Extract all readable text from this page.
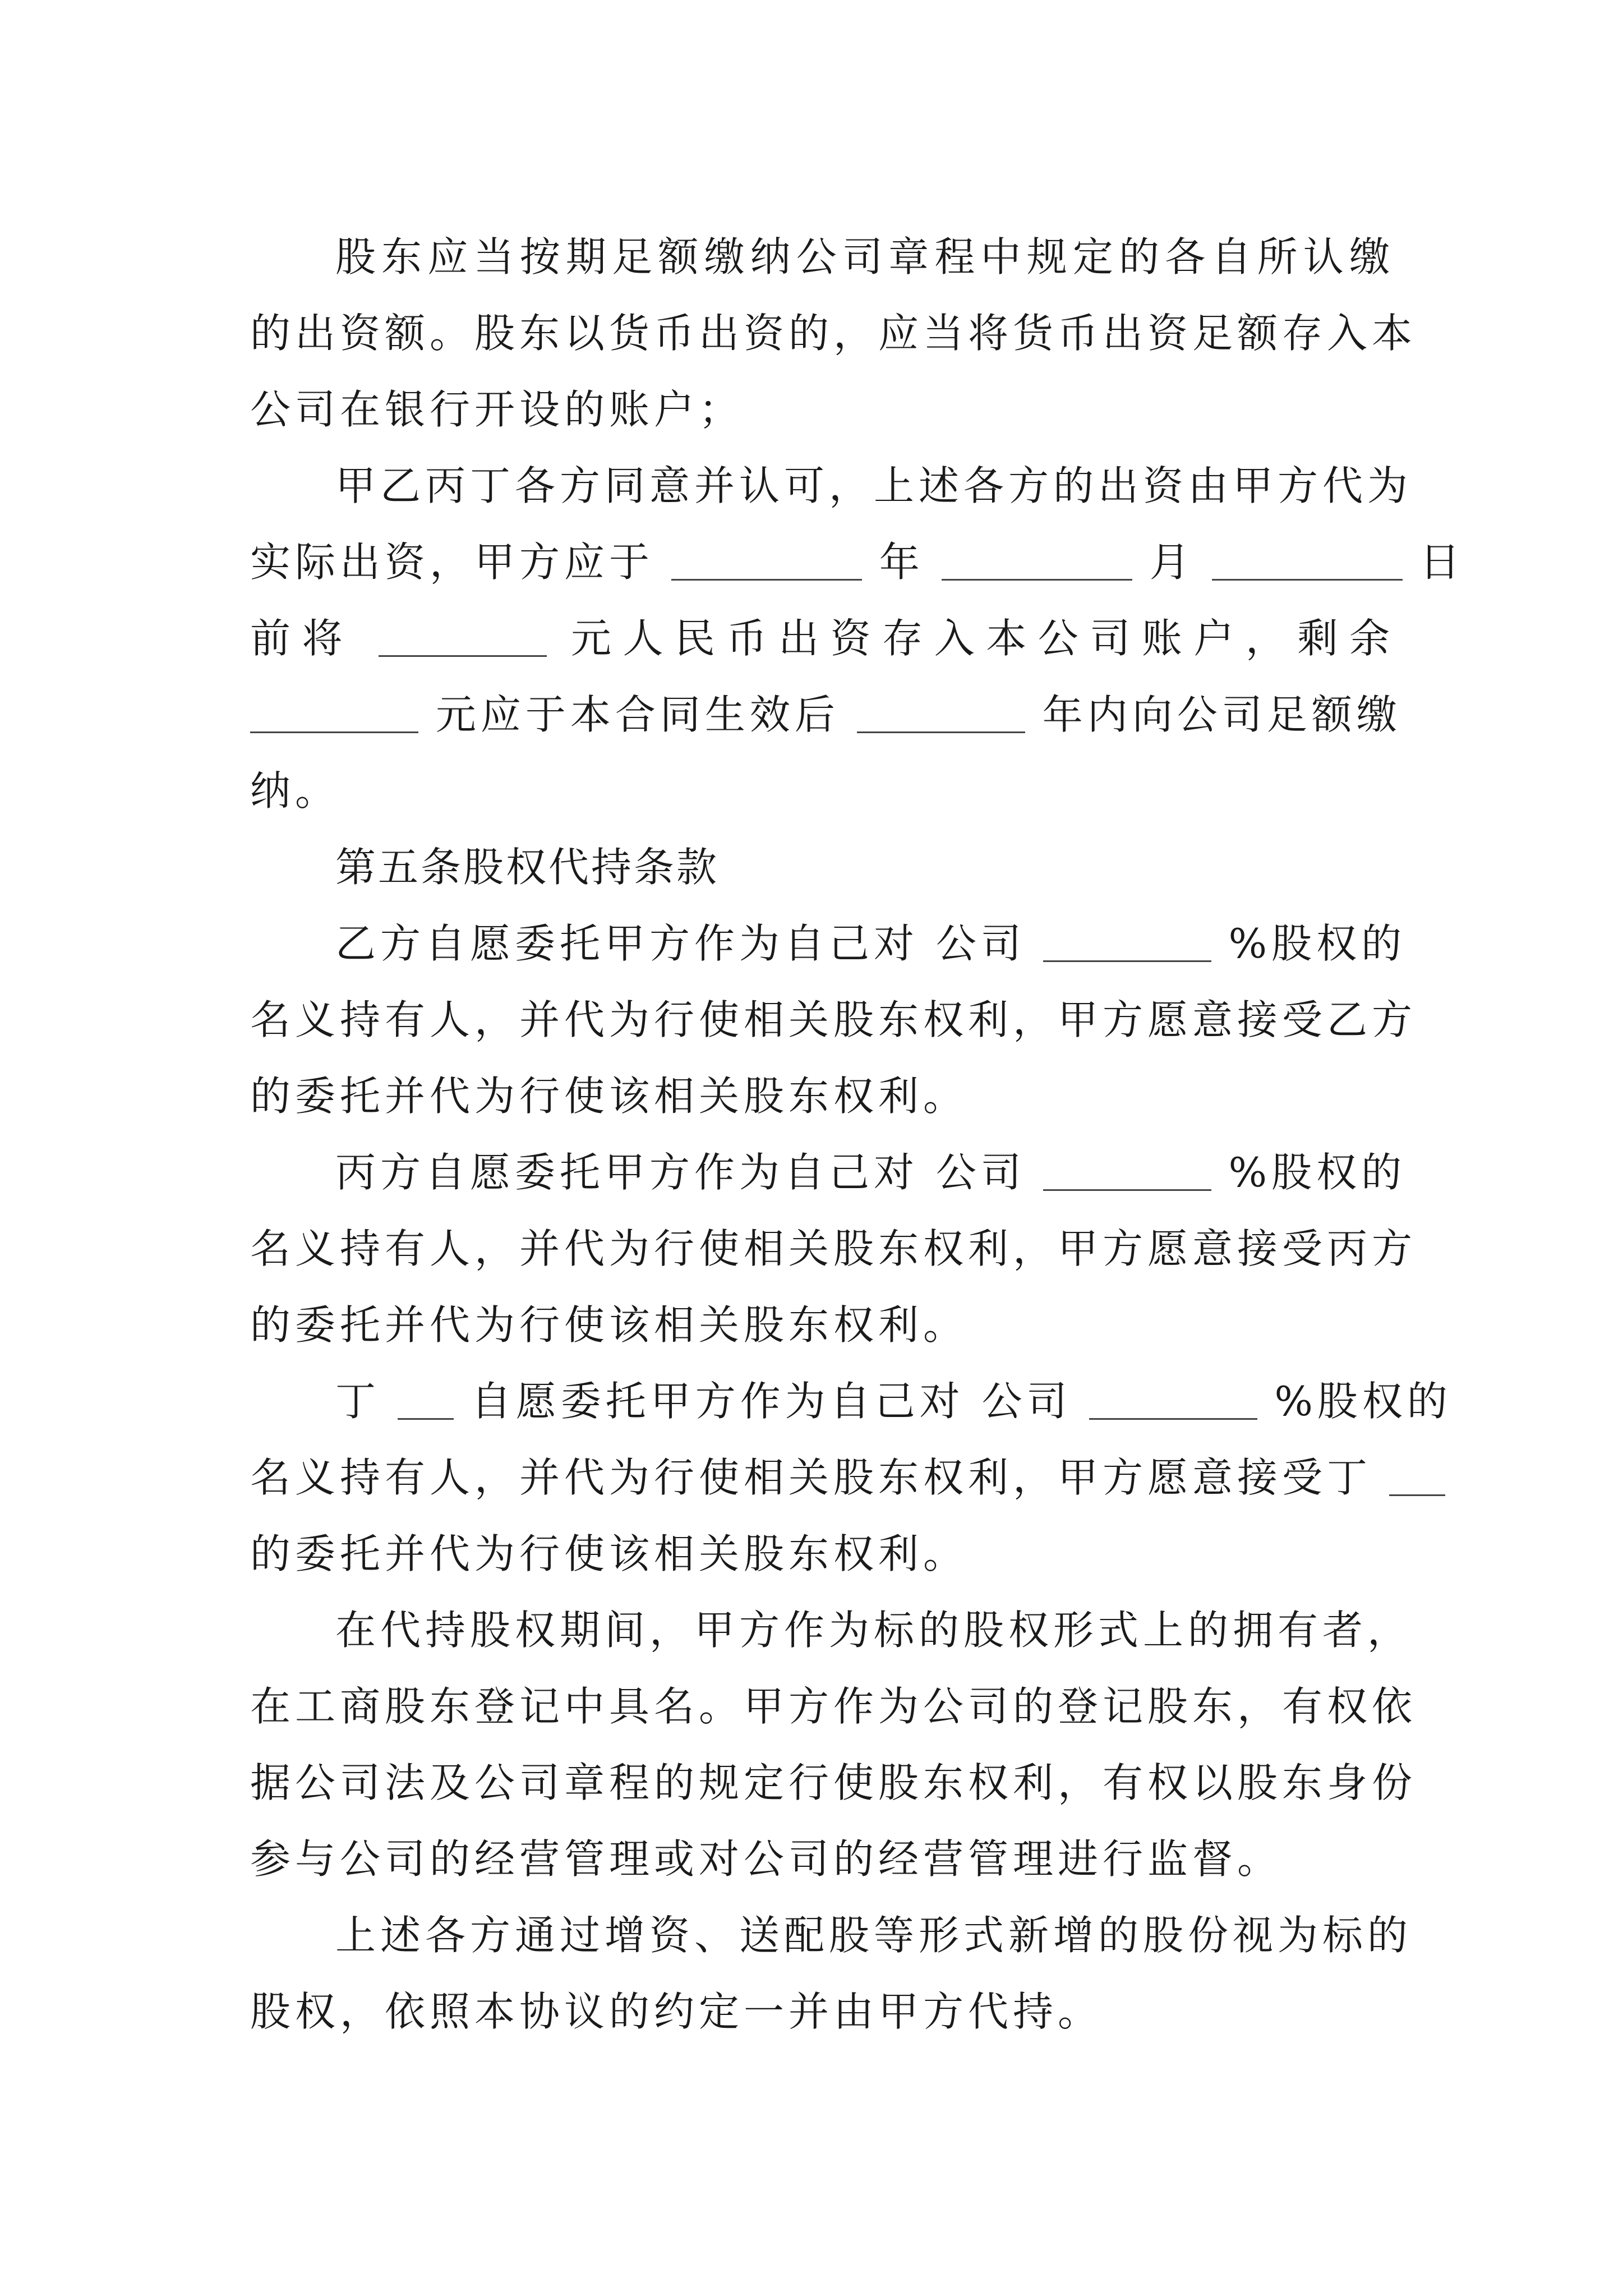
股东应当按期足额缴纳公司章程中规定的各自所认缴
的出资额。股东以货币出资的，应当将货币出资足额存入本
公司在银行开设的账户；
甲乙丙丁各方同意并认可，上述各方的出资由甲方代为
实际出资，甲方应于	年	月	日
前将	元人民币出资存入本公司账户，剩余
元应于本合同生效后	年内向公司足额缴
纳。
第五条股权代持条款
乙方自愿委托甲方作为自己对 公司	%股权的
名义持有人，并代为行使相关股东权利，甲方愿意接受乙方
的委托并代为行使该相关股东权利。
丙方自愿委托甲方作为自己对 公司	%股权的
名义持有人，并代为行使相关股东权利，甲方愿意接受丙方
的委托并代为行使该相关股东权利。
丁 自愿委托甲方作为自己对 公司	%股权的
名义持有人，并代为行使相关股东权利，甲方愿意接受丁
的委托并代为行使该相关股东权利。
在代持股权期间，甲方作为标的股权形式上的拥有者，
在工商股东登记中具名。甲方作为公司的登记股东，有权依
据公司法及公司章程的规定行使股东权利，有权以股东身份
参与公司的经营管理或对公司的经营管理进行监督。
上述各方通过增资、送配股等形式新增的股份视为标的
股权，依照本协议的约定一并由甲方代持。
